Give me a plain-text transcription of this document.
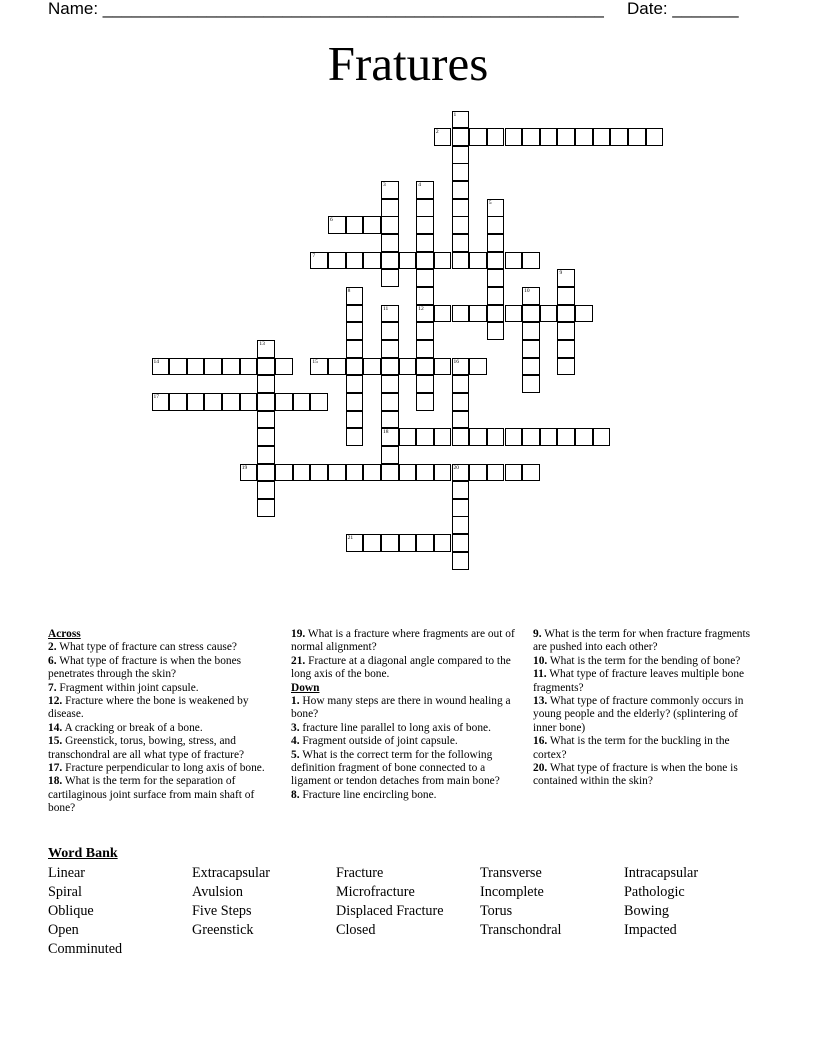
Name: _____________________________________________________ Date: _______
Fratures
2
6
7
12
14	15	16
17
18
19	20
21
1
3	4
5
9
8	10
11
13
Across
2. What type of fracture can stress cause?
6. What type of fracture is when the bones penetrates through the skin?
7. Fragment within joint capsule.
12. Fracture where the bone is weakened by disease.
14. A cracking or break of a bone.
15. Greenstick, torus, bowing, stress, and transchondral are all what type of fracture?
17. Fracture perpendicular to long axis of bone.
18. What is the term for the separation of cartilaginous joint surface from main shaft of bone?
19. What is a fracture where fragments are out of normal alignment?
21. Fracture at a diagonal angle compared to the long axis of the bone.
Down
1. How many steps are there in wound healing a bone?
3. fracture line parallel to long axis of bone.
4. Fragment outside of joint capsule.
5. What is the correct term for the following definition fragment of bone connected to a ligament or tendon detaches from main bone?
8. Fracture line encircling bone.
9. What is the term for when fracture fragments are pushed into each other?
10. What is the term for the bending of bone?
11. What type of fracture leaves multiple bone fragments?
13. What type of fracture commonly occurs in young people and the elderly? (splintering of inner bone)
16. What is the term for the buckling in the cortex?
20. What type of fracture is when the bone is contained within the skin?
Word Bank
Linear	Extracapsular	Fracture	Transverse	Intracapsular
Spiral	Avulsion	Microfracture	Incomplete	Pathologic
Oblique	Five Steps	Displaced Fracture	Torus	Bowing
Open	Greenstick	Closed	Transchondral	Impacted
Comminuted
